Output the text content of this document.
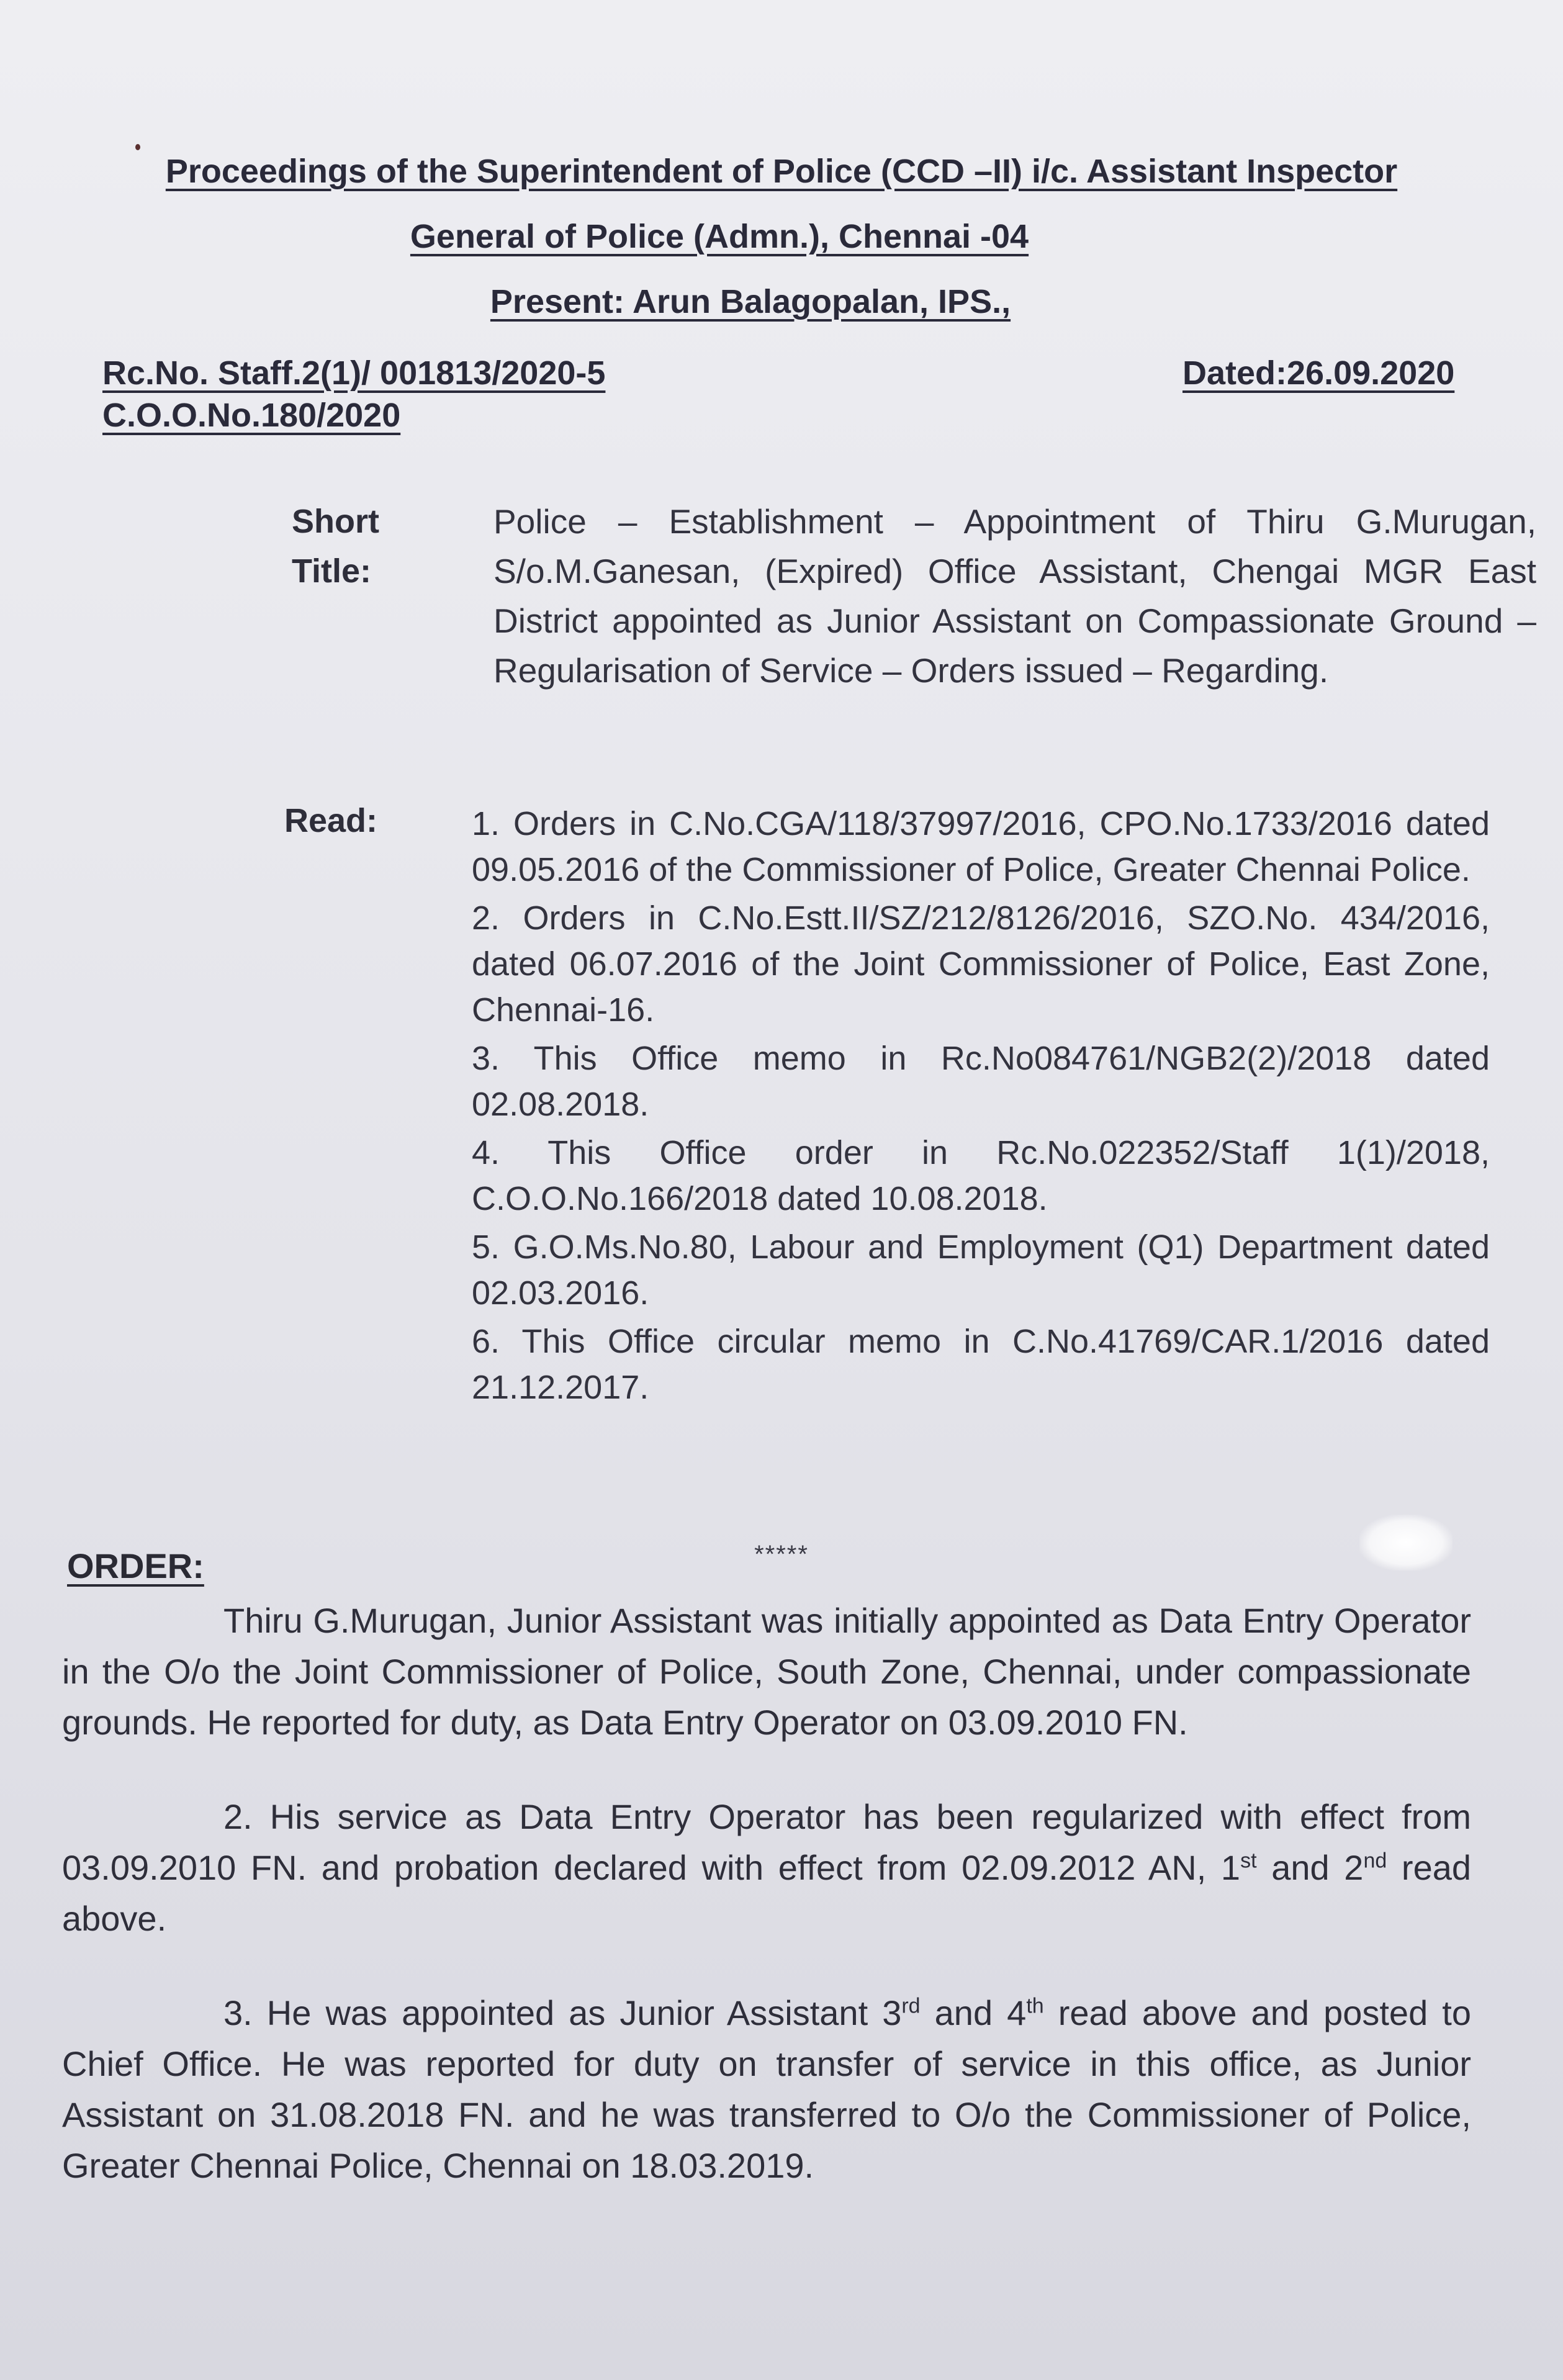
Proceedings of the Superintendent of Police (CCD –II) i/c. Assistant Inspector
General of Police (Admn.), Chennai -04
Present: Arun Balagopalan, IPS.,
Rc.No. Staff.2(1)/ 001813/2020-5
C.O.O.No.180/2020
Dated:26.09.2020
Short
Title:
Police – Establishment – Appointment of Thiru G.Murugan, S/o.M.Ganesan, (Expired) Office Assistant, Chengai MGR East District appointed as Junior Assistant on Compassionate Ground – Regularisation of Service – Orders issued – Regarding.
Read:	1. Orders in C.No.CGA/118/37997/2016, CPO.No.1733/2016 dated 09.05.2016 of the Commissioner of Police, Greater Chennai Police.
2. Orders in C.No.Estt.II/SZ/212/8126/2016, SZO.No. 434/2016, dated 06.07.2016 of the Joint Commissioner of Police, East Zone, Chennai-16.
3. This Office memo in Rc.No084761/NGB2(2)/2018 dated 02.08.2018.
4. This Office order in Rc.No.022352/Staff 1(1)/2018, C.O.O.No.166/2018 dated 10.08.2018.
5. G.O.Ms.No.80, Labour and Employment (Q1) Department dated 02.03.2016.
6. This Office circular memo in C.No.41769/CAR.1/2016 dated 21.12.2017.
*****
ORDER:

Thiru G.Murugan, Junior Assistant was initially appointed as Data Entry Operator in the O/o the Joint Commissioner of Police, South Zone, Chennai, under compassionate grounds. He reported for duty, as Data Entry Operator on 03.09.2010 FN.

2. His service as Data Entry Operator has been regularized with effect from 03.09.2010 FN. and probation declared with effect from 02.09.2012 AN, 1st and 2nd read above.

3. He was appointed as Junior Assistant 3rd and 4th read above and posted to Chief Office. He was reported for duty on transfer of service in this office, as Junior Assistant on 31.08.2018 FN. and he was transferred to O/o the Commissioner of Police, Greater Chennai Police, Chennai on 18.03.2019.
